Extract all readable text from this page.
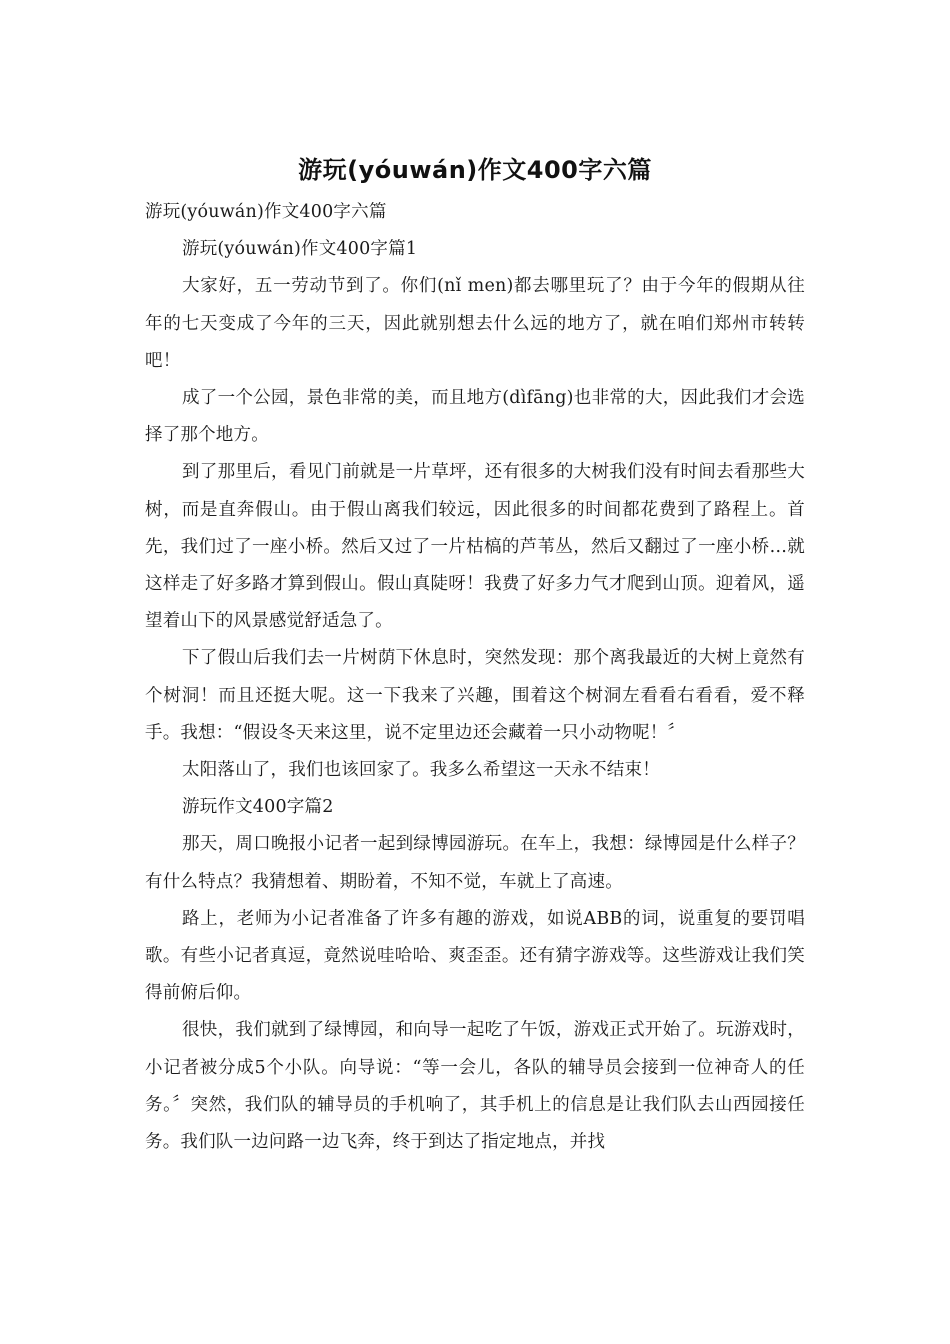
游玩(yóuwán)作文400字六篇

游玩(yóuwán)作文400字六篇

游玩(yóuwán)作文400字篇1

大家好，五一劳动节到了。你们(nǐ men)都去哪里玩了？由于今年的假期从往年的七天变成了今年的三天，因此就别想去什么远的地方了，就在咱们郑州市转转吧！

成了一个公园，景色非常的美，而且地方(dìfāng)也非常的大，因此我们才会选择了那个地方。

到了那里后，看见门前就是一片草坪，还有很多的大树我们没有时间去看那些大树，而是直奔假山。由于假山离我们较远，因此很多的时间都花费到了路程上。首先，我们过了一座小桥。然后又过了一片枯槁的芦苇丛，然后又翻过了一座小桥…就这样走了好多路才算到假山。假山真陡呀！我费了好多力气才爬到山顶。迎着风，遥望着山下的风景感觉舒适急了。

下了假山后我们去一片树荫下休息时，突然发现：那个离我最近的大树上竟然有个树洞！而且还挺大呢。这一下我来了兴趣，围着这个树洞左看看右看看，爱不释手。我想：“假设冬天来这里，说不定里边还会藏着一只小动物呢！〞

太阳落山了，我们也该回家了。我多么希望这一天永不结束！

游玩作文400字篇2

那天，周口晚报小记者一起到绿博园游玩。在车上，我想：绿博园是什么样子？有什么特点？我猜想着、期盼着，不知不觉，车就上了高速。

路上，老师为小记者准备了许多有趣的游戏，如说ABB的词，说重复的要罚唱歌。有些小记者真逗，竟然说哇哈哈、爽歪歪。还有猜字游戏等。这些游戏让我们笑得前俯后仰。

很快，我们就到了绿博园，和向导一起吃了午饭，游戏正式开始了。玩游戏时，小记者被分成5个小队。向导说：“等一会儿，各队的辅导员会接到一位神奇人的任务。〞突然，我们队的辅导员的手机响了，其手机上的信息是让我们队去山西园接任务。我们队一边问路一边飞奔，终于到达了指定地点，并找
